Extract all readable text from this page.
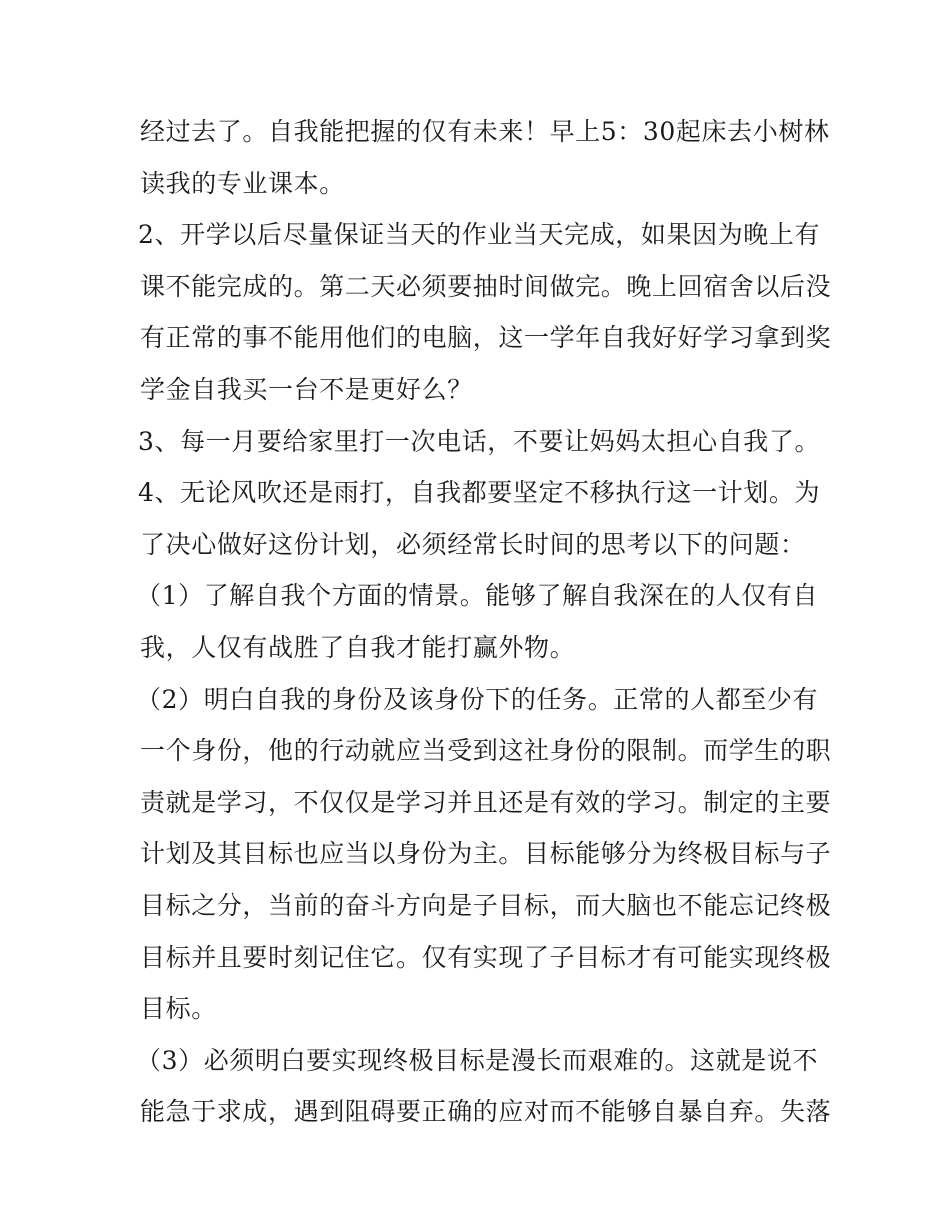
经过去了。自我能把握的仅有未来！早上5：30起床去小树林
读我的专业课本。
2、开学以后尽量保证当天的作业当天完成，如果因为晚上有
课不能完成的。第二天必须要抽时间做完。晚上回宿舍以后没
有正常的事不能用他们的电脑，这一学年自我好好学习拿到奖
学金自我买一台不是更好么？
3、每一月要给家里打一次电话，不要让妈妈太担心自我了。
4、无论风吹还是雨打，自我都要坚定不移执行这一计划。为
了决心做好这份计划，必须经常长时间的思考以下的问题：
（1）了解自我个方面的情景。能够了解自我深在的人仅有自
我，人仅有战胜了自我才能打赢外物。
（2）明白自我的身份及该身份下的任务。正常的人都至少有
一个身份，他的行动就应当受到这社身份的限制。而学生的职
责就是学习，不仅仅是学习并且还是有效的学习。制定的主要
计划及其目标也应当以身份为主。目标能够分为终极目标与子
目标之分，当前的奋斗方向是子目标，而大脑也不能忘记终极
目标并且要时刻记住它。仅有实现了子目标才有可能实现终极
目标。
（3）必须明白要实现终极目标是漫长而艰难的。这就是说不
能急于求成，遇到阻碍要正确的应对而不能够自暴自弃。失落
